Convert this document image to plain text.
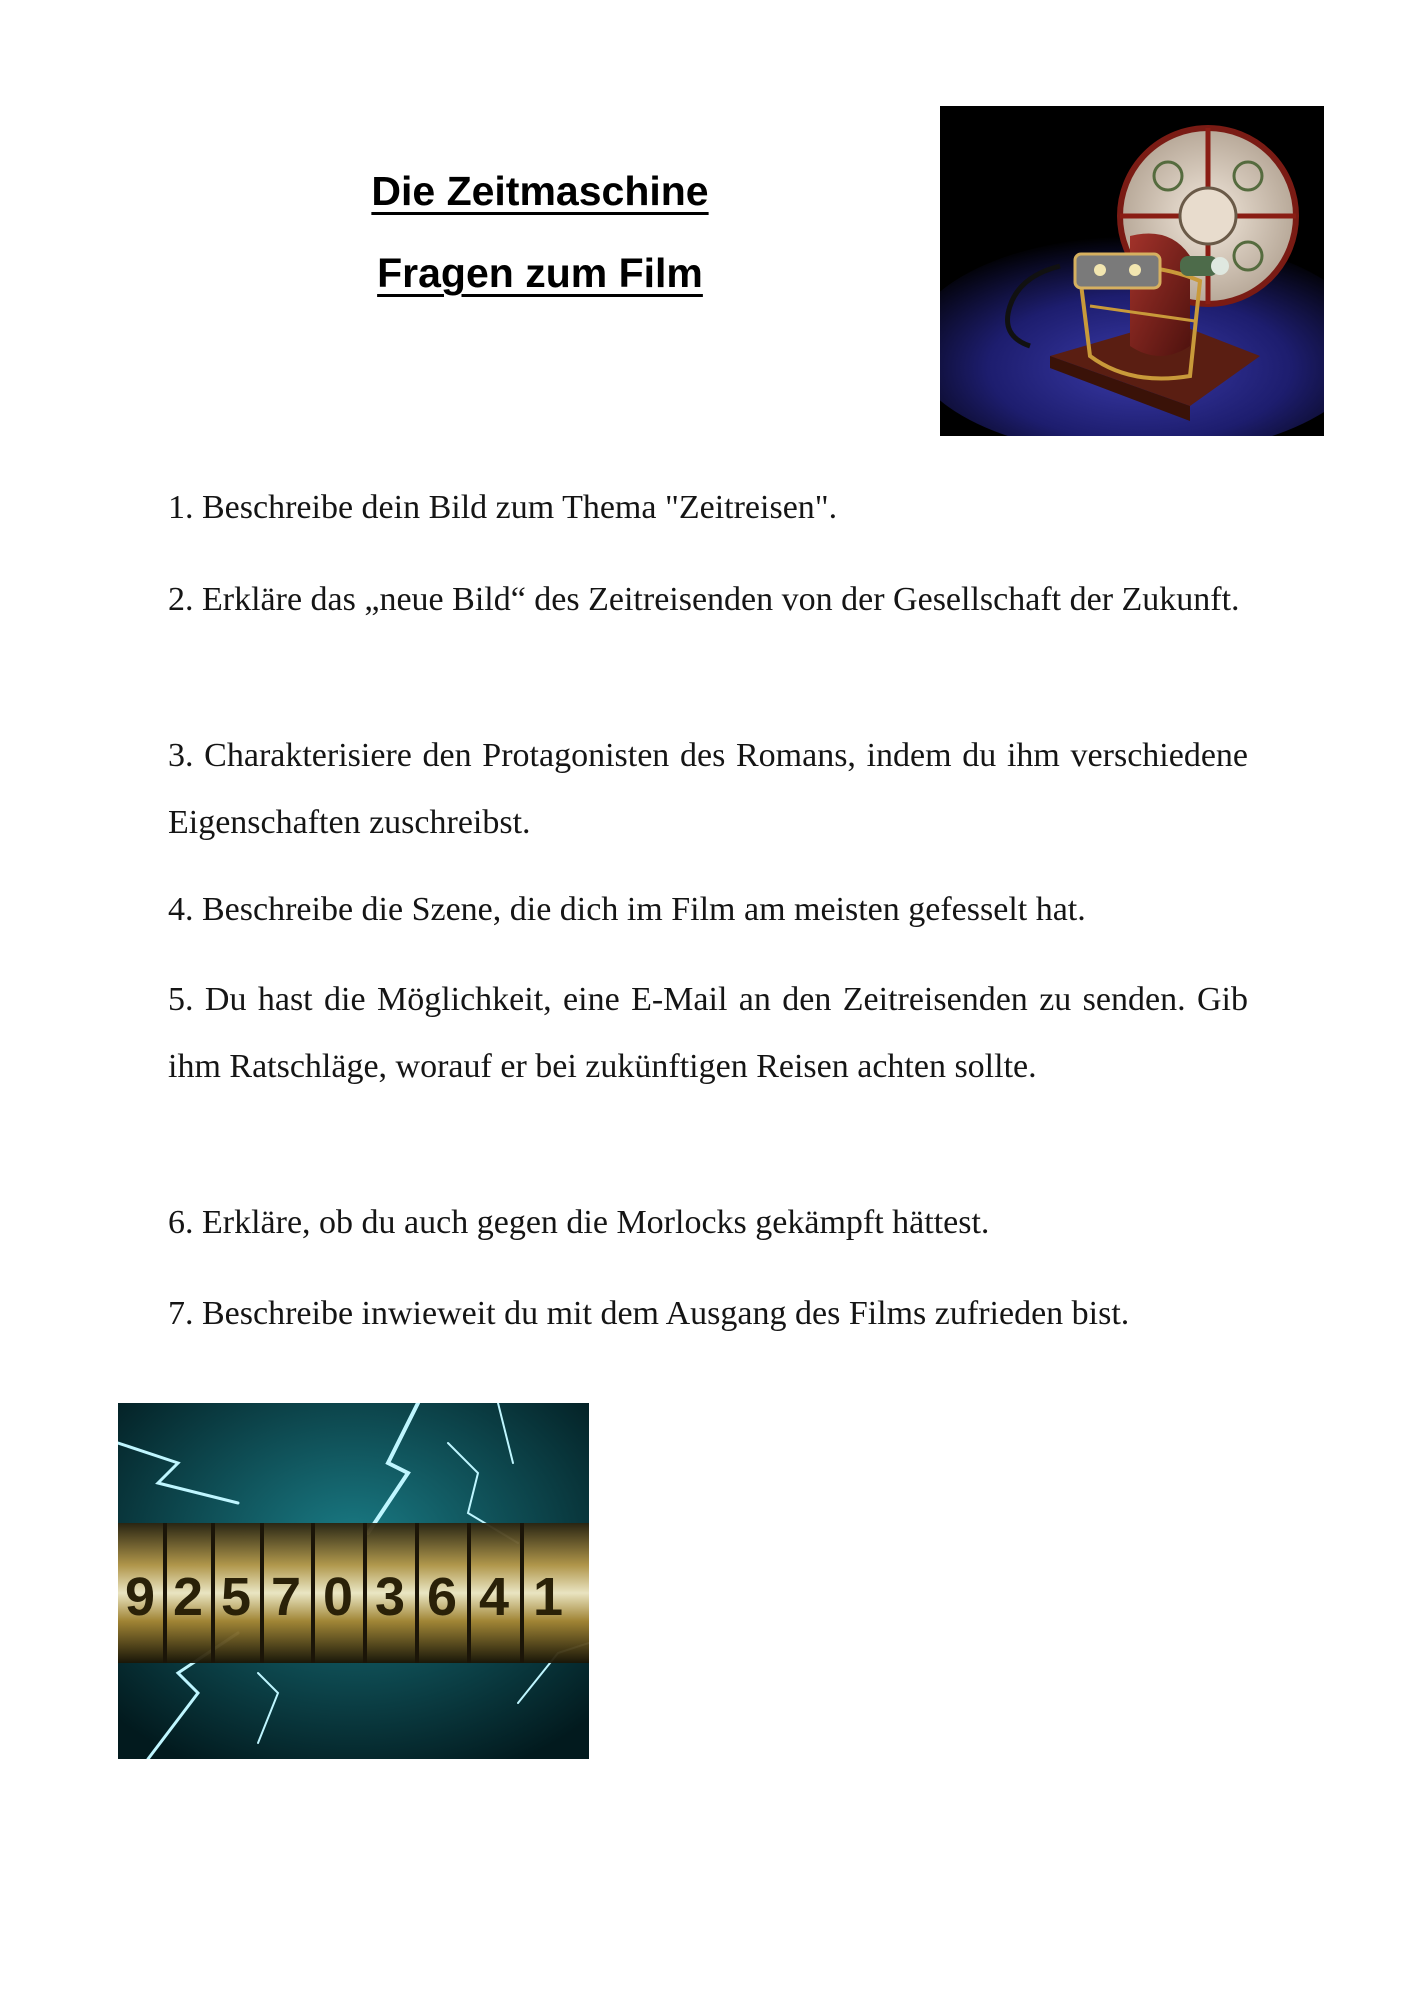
Die Zeitmaschine
Fragen zum Film
1. Beschreibe dein Bild zum Thema "Zeitreisen".
2. Erkläre das „neue Bild“ des Zeitreisenden von der Gesellschaft der Zukunft.
3. Charakterisiere den Protagonisten des Romans, indem du ihm verschiedene Eigenschaften zuschreibst.
4. Beschreibe die Szene, die dich im Film am meisten gefesselt hat.
5. Du hast die Möglichkeit, eine E-Mail an den Zeitreisenden zu senden. Gib ihm Ratschläge, worauf er bei zukünftigen Reisen achten sollte.
6. Erkläre, ob du auch gegen die Morlocks gekämpft hättest.
7. Beschreibe inwieweit du mit dem Ausgang des Films zufrieden bist.
9 2 5 7 0 3 6 4 1
